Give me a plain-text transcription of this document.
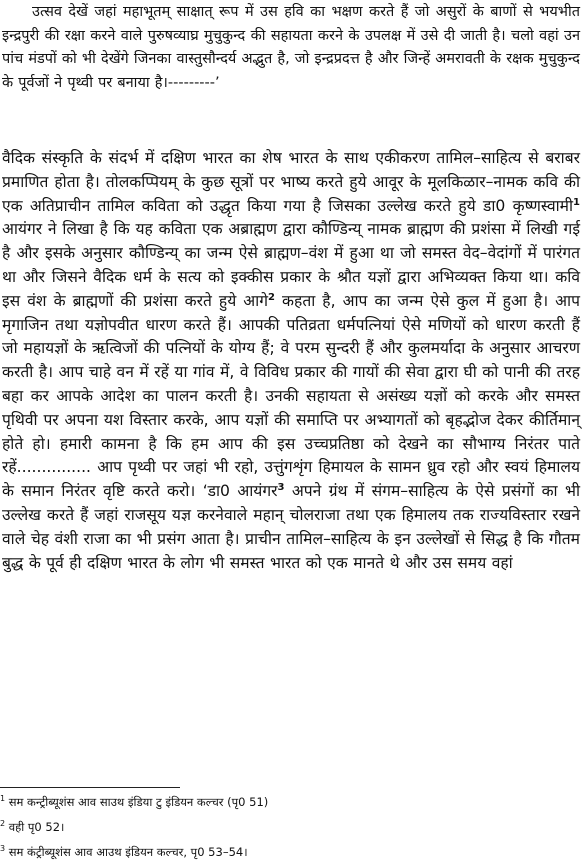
उत्सव देखें जहां महाभूतम् साक्षात् रूप में उस हवि का भक्षण करते हैं जो असुरों के बाणों से भयभीत इन्द्रपुरी की रक्षा करने वाले पुरुषव्याघ्र मुचुकुन्द की सहायता करने के उपलक्ष में उसे दी जाती है। चलो वहां उन पांच मंडपों को भी देखेंगे जिनका वास्तुसौन्दर्य अद्भुत है, जो इन्द्रप्रदत्त है और जिन्हें अमरावती के रक्षक मुचुकुन्द के पूर्वजों ने पृथ्वी पर बनाया है।---------’

वैदिक संस्कृति के संदर्भ में दक्षिण भारत का शेष भारत के साथ एकीकरण तामिल–साहित्य से बराबर प्रमाणित होता है। तोलकप्पियम् के कुछ सूत्रों पर भाष्य करते हुये आवूर के मूलकिळार–नामक कवि की एक अतिप्राचीन तामिल कविता को उद्धृत किया गया है जिसका उल्लेख करते हुये डा0 कृष्णस्वामी$^1$ आयंगर ने लिखा है कि यह कविता एक अब्राह्मण द्वारा कौण्डिन्य् नामक ब्राह्मण की प्रशंसा में लिखी गई है और इसके अनुसार कौण्डिन्य् का जन्म ऐसे ब्राह्मण–वंश में हुआ था जो समस्त वेद–वेदांगों में पारंगत था और जिसने वैदिक धर्म के सत्य को इक्कीस प्रकार के श्रौत यज्ञों द्वारा अभिव्यक्त किया था। कवि इस वंश के ब्राह्मणों की प्रशंसा करते हुये आगे$^2$ कहता है, आप का जन्म ऐसे कुल में हुआ है। आप मृगाजिन तथा यज्ञोपवीत धारण करते हैं। आपकी पतिव्रता धर्मपत्नियां ऐसे मणियों को धारण करती हैं जो महायज्ञों के ऋत्विजों की पत्नियों के योग्य हैं; वे परम सुन्दरी हैं और कुलमर्यादा के अनुसार आचरण करती है। आप चाहे वन में रहें या गांव में, वे विविध प्रकार की गायों की सेवा द्वारा घी को पानी की तरह बहा कर आपके आदेश का पालन करती है। उनकी सहायता से असंख्य यज्ञों को करके और समस्त पृथिवी पर अपना यश विस्तार करके, आप यज्ञों की समाप्ति पर अभ्यागतों को बृहद्भोज देकर कीर्तिमान् होते हो। हमारी कामना है कि हम आप की इस उच्चप्रतिष्ठा को देखने का सौभाग्य निरंतर पाते रहें............... आप पृथ्वी पर जहां भी रहो, उत्तुंगशृंग हिमायल के सामन ध्रुव रहो और स्वयं हिमालय के समान निरंतर वृष्टि करते करो। ‘डा0 आयंगर$^3$ अपने ग्रंथ में संगम–साहित्य के ऐसे प्रसंगों का भी उल्लेख करते हैं जहां राजसूय यज्ञ करनेवाले महान् चोलराजा तथा एक हिमालय तक राज्यविस्तार रखने वाले चेह वंशी राजा का भी प्रसंग आता है। प्राचीन तामिल–साहित्य के इन उल्लेखों से सिद्ध है कि गौतम बुद्ध के पूर्व ही दक्षिण भारत के लोग भी समस्त भारत को एक मानते थे और उस समय वहां

$^1$ सम कन्ट्रीब्यूशंस आव साउथ इंडिया टु इंडियन कल्चर (पृ0 51)

$^2$ वही पृ0 52।

$^3$ सम कंट्रीब्यूशंस आव आउथ इंडियन कल्चर, पृ0 53–54।
